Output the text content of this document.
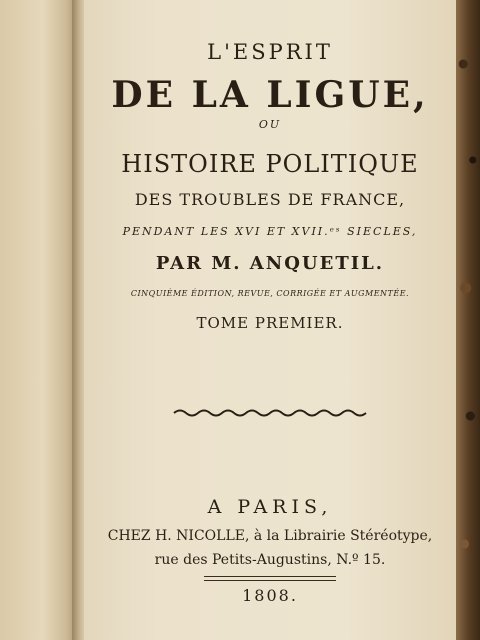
L'ESPRIT

DE LA LIGUE,

OU

HISTOIRE POLITIQUE

DES TROUBLES DE FRANCE,

PENDANT LES XVI ET XVII.ᵉˢ SIECLES,

PAR M. ANQUETIL.

CINQUIÈME ÉDITION, REVUE, CORRIGÉE ET AUGMENTÉE.

TOME PREMIER.

A PARIS,

CHEZ H. NICOLLE, à la Librairie Stéréotype,

rue des Petits-Augustins, N.º 15.

1808.
